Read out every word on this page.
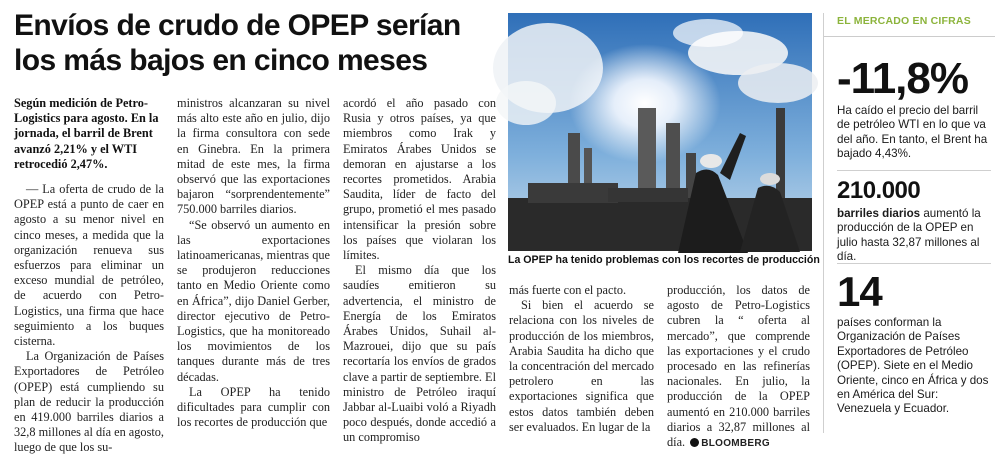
Envíos de crudo de OPEP serían
los más bajos en cinco meses

Según medición de Petro-Logistics para agosto. En la jornada, el barril de Brent avanzó 2,21% y el WTI retrocedió 2,47%.

— La oferta de crudo de la OPEP está a punto de caer en agosto a su menor nivel en cinco meses, a medida que la organización renueva sus esfuerzos para eliminar un exceso mundial de petróleo, de acuerdo con Petro-Logistics, una firma que hace seguimiento a los buques cisterna.

La Organización de Países Exportadores de Petróleo (OPEP) está cumpliendo su plan de reducir la producción en 419.000 barriles diarios a 32,8 millones al día en agosto, luego de que los su-

ministros alcanzaran su nivel más alto este año en julio, dijo la firma consultora con sede en Ginebra. En la primera mitad de este mes, la firma observó que las exportaciones bajaron “sorprendentemente” 750.000 barriles diarios.

“Se observó un aumento en las exportaciones latinoamericanas, mientras que se produjeron reducciones tanto en Medio Oriente como en África”, dijo Daniel Gerber, director ejecutivo de Petro-Logistics, que ha monitoreado los movimientos de los tanques durante más de tres décadas.

La OPEP ha tenido dificultades para cumplir con los recortes de producción que

acordó el año pasado con Rusia y otros países, ya que miembros como Irak y Emiratos Árabes Unidos se demoran en ajustarse a los recortes prometidos. Arabia Saudita, líder de facto del grupo, prometió el mes pasado intensificar la presión sobre los países que violaran los límites.

El mismo día que los saudíes emitieron su advertencia, el ministro de Energía de los Emiratos Árabes Unidos, Suhail al-Mazrouei, dijo que su país recortaría los envíos de grados clave a partir de septiembre. El ministro de Petróleo iraquí Jabbar al-Luaibi voló a Riyadh poco después, donde accedió a un compromiso

La OPEP ha tenido problemas con los recortes de producción

más fuerte con el pacto.

Si bien el acuerdo se relaciona con los niveles de producción de los miembros, Arabia Saudita ha dicho que la concentración del mercado petrolero en las exportaciones significa que estos datos también deben ser evaluados. En lugar de la

producción, los datos de agosto de Petro-Logistics cubren la “ oferta al mercado”, que comprende las exportaciones y el crudo procesado en las refinerías nacionales. En julio, la producción de la OPEP aumentó en 210.000 barriles diarios a 32,87 millones al día. BLOOMBERG

EL MERCADO EN CIFRAS
-11,8%
Ha caído el precio del barril de petróleo WTI en lo que va del año. En tanto, el Brent ha bajado 4,43%.
210.000
barriles diarios aumentó la producción de la OPEP en julio hasta 32,87 millones al día.
14
países conforman la Organización de Países Exportadores de Petróleo (OPEP). Siete en el Medio Oriente, cinco en África y dos en América del Sur: Venezuela y Ecuador.
